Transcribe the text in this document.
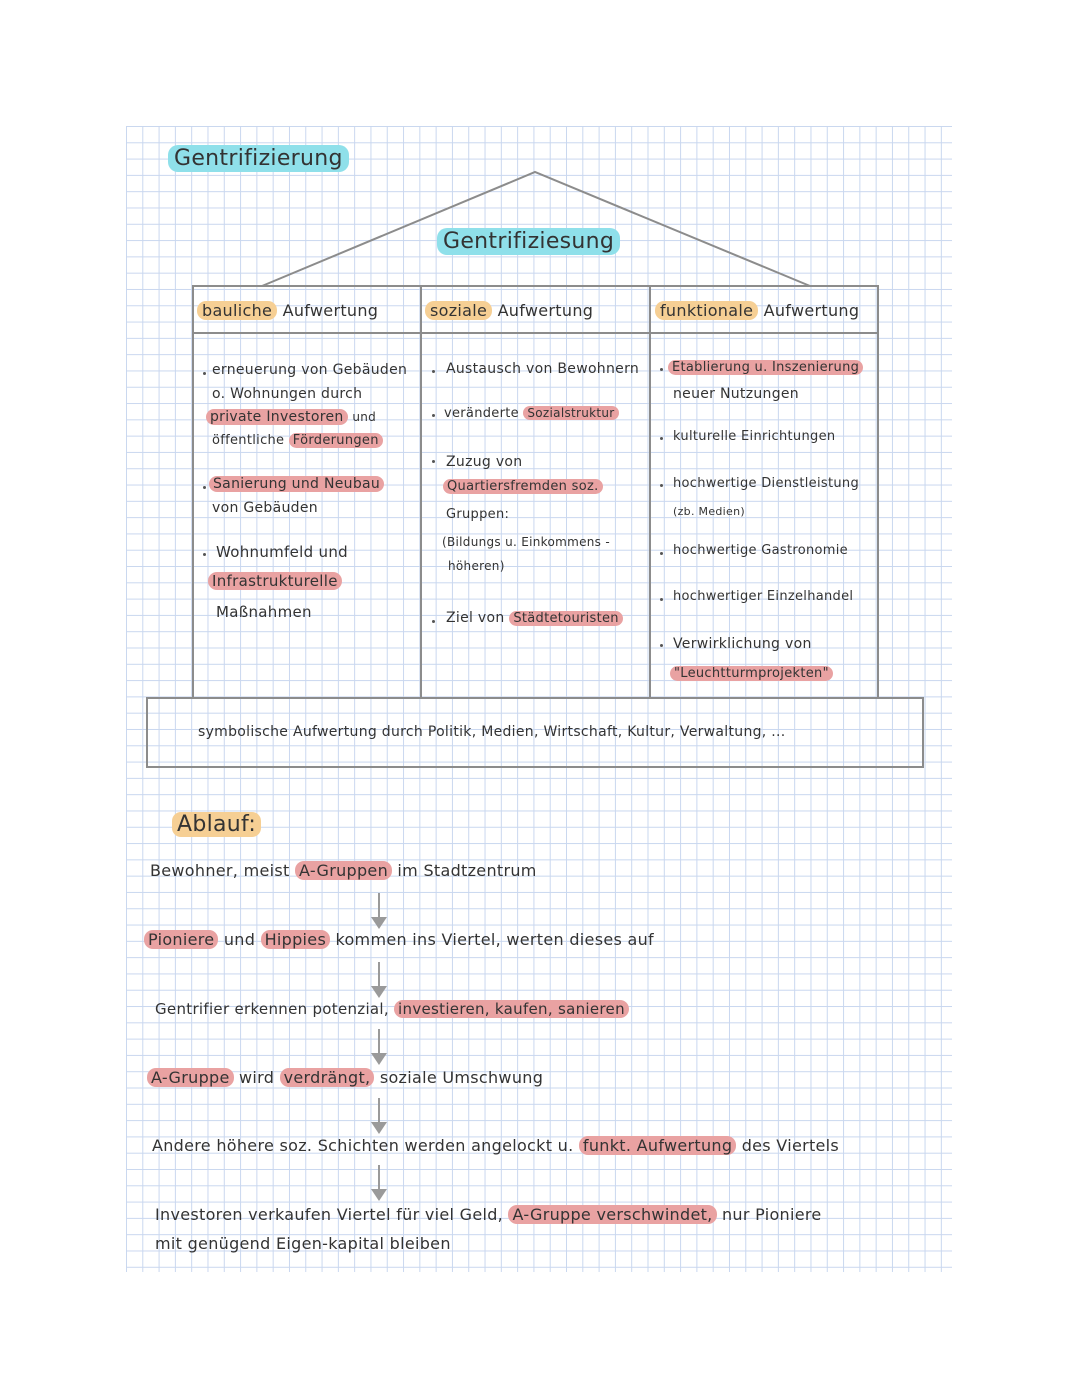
Gentrifizierung
Gentrifiziesung
bauliche Aufwertung	soziale Aufwertung	funktionale Aufwertung
erneuerung von Gebäuden
o. Wohnungen durch
private Investoren und
öffentliche Förderungen
Sanierung und Neubau
von Gebäuden
Wohnumfeld und
Infrastrukturelle
Maßnahmen
Austausch von Bewohnern
veränderte Sozialstruktur
Zuzug von
Quartiersfremden soz.
Gruppen:
(Bildungs u. Einkommens -
höheren)
Ziel von Städtetouristen
Etablierung u. Inszenierung
neuer Nutzungen
kulturelle Einrichtungen
hochwertige Dienstleistung
(zb. Medien)
hochwertige Gastronomie
hochwertiger Einzelhandel
Verwirklichung von
"Leuchtturmprojekten"
symbolische Aufwertung durch Politik, Medien, Wirtschaft, Kultur, Verwaltung, ...
Ablauf:
Bewohner, meist A-Gruppen im Stadtzentrum
Pioniere und Hippies kommen ins Viertel, werten dieses auf
Gentrifier erkennen potenzial, investieren, kaufen, sanieren
A-Gruppe wird verdrängt, soziale Umschwung
Andere höhere soz. Schichten werden angelockt u. funkt. Aufwertung des Viertels
Investoren verkaufen Viertel für viel Geld, A-Gruppe verschwindet, nur Pioniere
mit genügend Eigen-kapital bleiben
